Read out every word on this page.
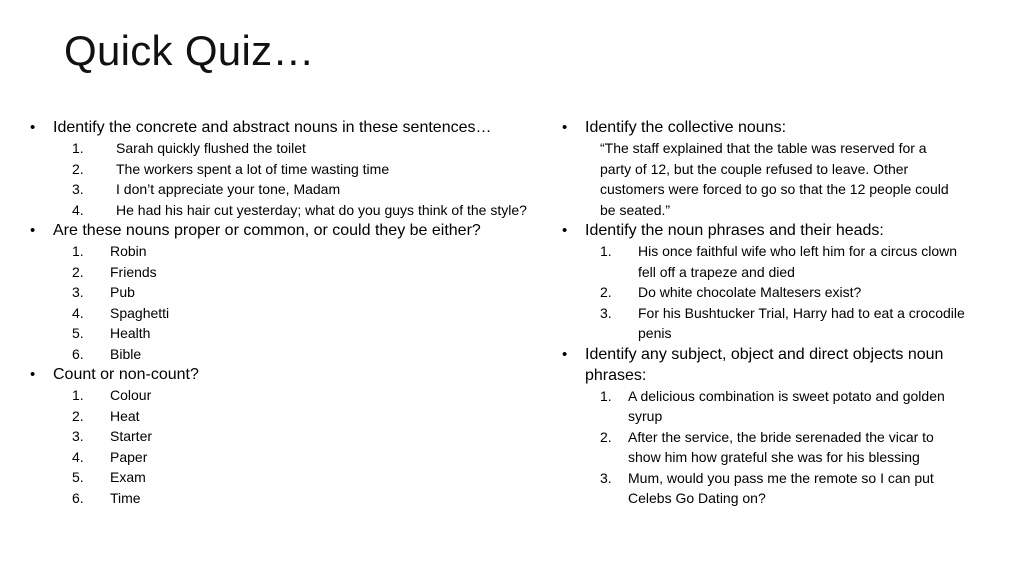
Quick Quiz…
• Identify the concrete and abstract nouns in these sentences…
1. Sarah quickly flushed the toilet
2. The workers spent a lot of time wasting time
3. I don’t appreciate your tone, Madam
4. He had his hair cut yesterday; what do you guys think of the style?
• Are these nouns proper or common, or could they be either?
1. Robin
2. Friends
3. Pub
4. Spaghetti
5. Health
6. Bible
• Count or non-count?
1. Colour
2. Heat
3. Starter
4. Paper
5. Exam
6. Time
• Identify the collective nouns:
“The staff explained that the table was reserved for a party of 12, but the couple refused to leave. Other customers were forced to go so that the 12 people could be seated.”
• Identify the noun phrases and their heads:
1. His once faithful wife who left him for a circus clown fell off a trapeze and died
2. Do white chocolate Maltesers exist?
3. For his Bushtucker Trial, Harry had to eat a crocodile penis
• Identify any subject, object and direct objects noun phrases:
1. A delicious combination is sweet potato and golden syrup
2. After the service, the bride serenaded the vicar to show him how grateful she was for his blessing
3. Mum, would you pass me the remote so I can put Celebs Go Dating on?
